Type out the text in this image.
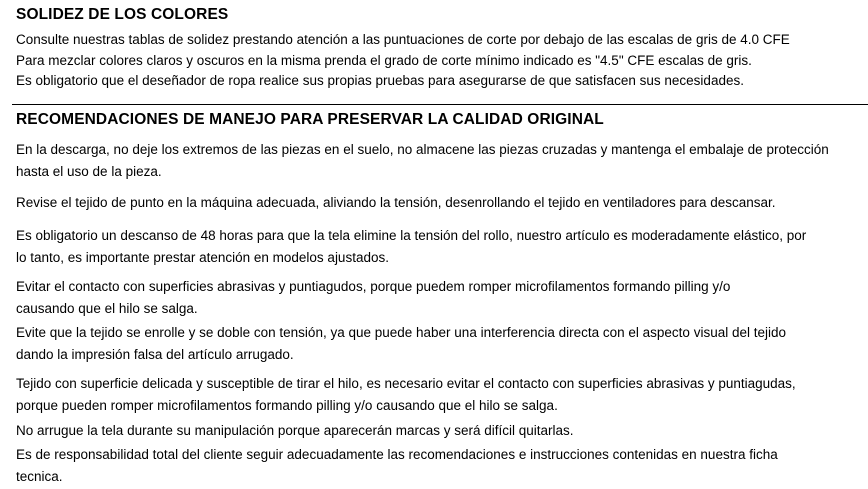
SOLIDEZ DE LOS COLORES
Consulte nuestras tablas de solidez prestando atención a las puntuaciones de corte por debajo de las escalas de gris de 4.0 CFE
Para mezclar colores claros y oscuros en la misma prenda el grado de corte mínimo indicado es "4.5" CFE escalas de gris.
Es obligatorio que el deseñador de ropa realice sus propias pruebas para asegurarse de que satisfacen sus necesidades.
RECOMENDACIONES DE MANEJO PARA PRESERVAR LA CALIDAD ORIGINAL
En la descarga, no deje los extremos de las piezas en el suelo, no almacene las piezas cruzadas y mantenga el embalaje de protección
hasta el uso de la pieza.
Revise el tejido de punto en la máquina adecuada, aliviando la tensión, desenrollando el tejido en ventiladores para descansar.
Es obligatorio un descanso de 48 horas para que la tela elimine la tensión del rollo, nuestro artículo es moderadamente elástico, por
lo tanto, es importante prestar atención en modelos ajustados.
Evitar el contacto con superficies abrasivas y puntiagudos, porque puedem romper microfilamentos formando pilling y/o
causando que el hilo se salga.
Evite que la tejido se enrolle y se doble con tensión, ya que puede haber una interferencia directa con el aspecto visual del tejido
dando la impresión falsa del artículo arrugado.
Tejido con superficie delicada y susceptible de tirar el hilo, es necesario evitar el contacto con superficies abrasivas y puntiagudas,
porque pueden romper microfilamentos formando pilling y/o causando que el hilo se salga.
No arrugue la tela durante su manipulación porque aparecerán marcas y será difícil quitarlas.
Es de responsabilidad total del cliente seguir adecuadamente las recomendaciones e instrucciones contenidas en nuestra ficha
tecnica.
